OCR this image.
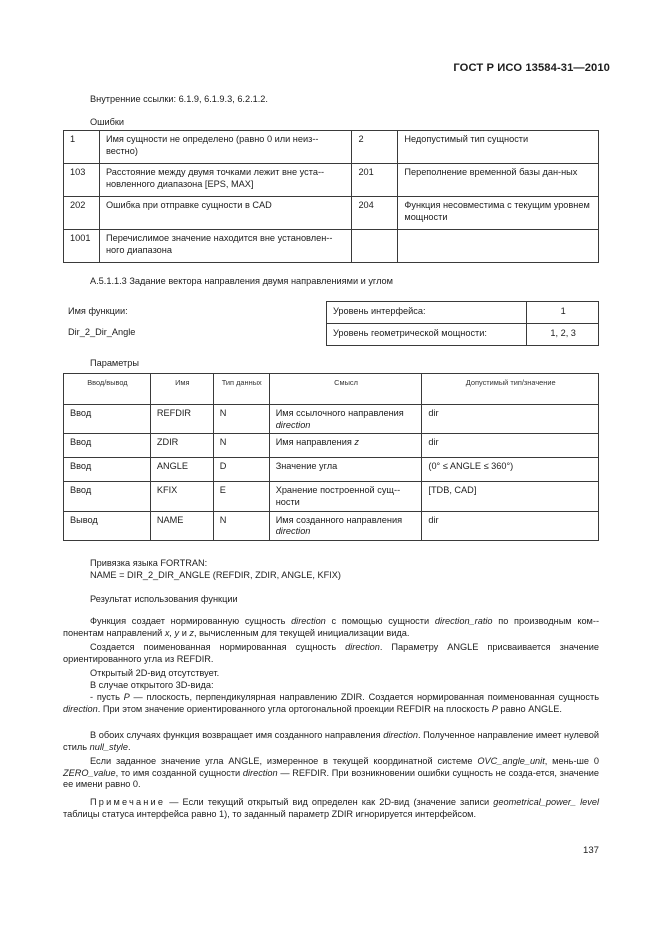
ГОСТ Р ИСО 13584-31—2010
Внутренние ссылки: 6.1.9, 6.1.9.3, 6.2.1.2.
Ошибки
1	Имя сущности не определено (равно 0 или неиз-вестно)	2	Недопустимый тип сущности
103	Расстояние между двумя точками лежит вне уста-новленного диапазона [EPS, MAX]	201	Переполнение временной базы дан-ных
202	Ошибка при отправке сущности в CAD	204	Функция несовместима с текущим уровнем мощности
1001	Перечислимое значение находится вне установлен-ного диапазона		
А.5.1.1.3 Задание вектора направления двумя направлениями и углом
Имя функции:
Dir_2_Dir_Angle
Уровень интерфейса:	1
Уровень геометрической мощности:	1, 2, 3
Параметры
Ввод/вывод	Имя	Тип данных	Смысл	Допустимый тип/значение
Ввод	REFDIR	N	Имя ссылочного направления direction	dir
Ввод	ZDIR	N	Имя направления z	dir
Ввод	ANGLE	D	Значение угла	(0° ≤ ANGLE ≤ 360°)
Ввод	KFIX	E	Хранение построенной сущ-ности	[TDB, CAD]
Вывод	NAME	N	Имя созданного направления direction	dir
Привязка языка FORTRAN:
NAME = DIR_2_DIR_ANGLE (REFDIR, ZDIR, ANGLE, KFIX)
Результат использования функции
Функция создает нормированную сущность direction с помощью сущности direction_ratio по производным ком-понентам направлений x, y и z, вычисленным для текущей инициализации вида.
Создается поименованная нормированная сущность direction. Параметру ANGLE присваивается значение ориентированного угла из REFDIR.
Открытый 2D-вид отсутствует.
В случае открытого 3D-вида:
- пусть P — плоскость, перпендикулярная направлению ZDIR. Создается нормированная поименованная сущность direction. При этом значение ориентированного угла ортогональной проекции REFDIR на плоскость P равно ANGLE.
В обоих случаях функция возвращает имя созданного направления direction. Полученное направление имеет нулевой стиль null_style.
Если заданное значение угла ANGLE, измеренное в текущей координатной системе OVC_angle_unit, мень-ше 0 ZERO_value, то имя созданной сущности direction — REFDIR. При возникновении ошибки сущность не созда-ется, значение ее имени равно 0.
Примечание — Если текущий открытый вид определен как 2D-вид (значение записи geometrical_power_ level таблицы статуса интерфейса равно 1), то заданный параметр ZDIR игнорируется интерфейсом.
137
